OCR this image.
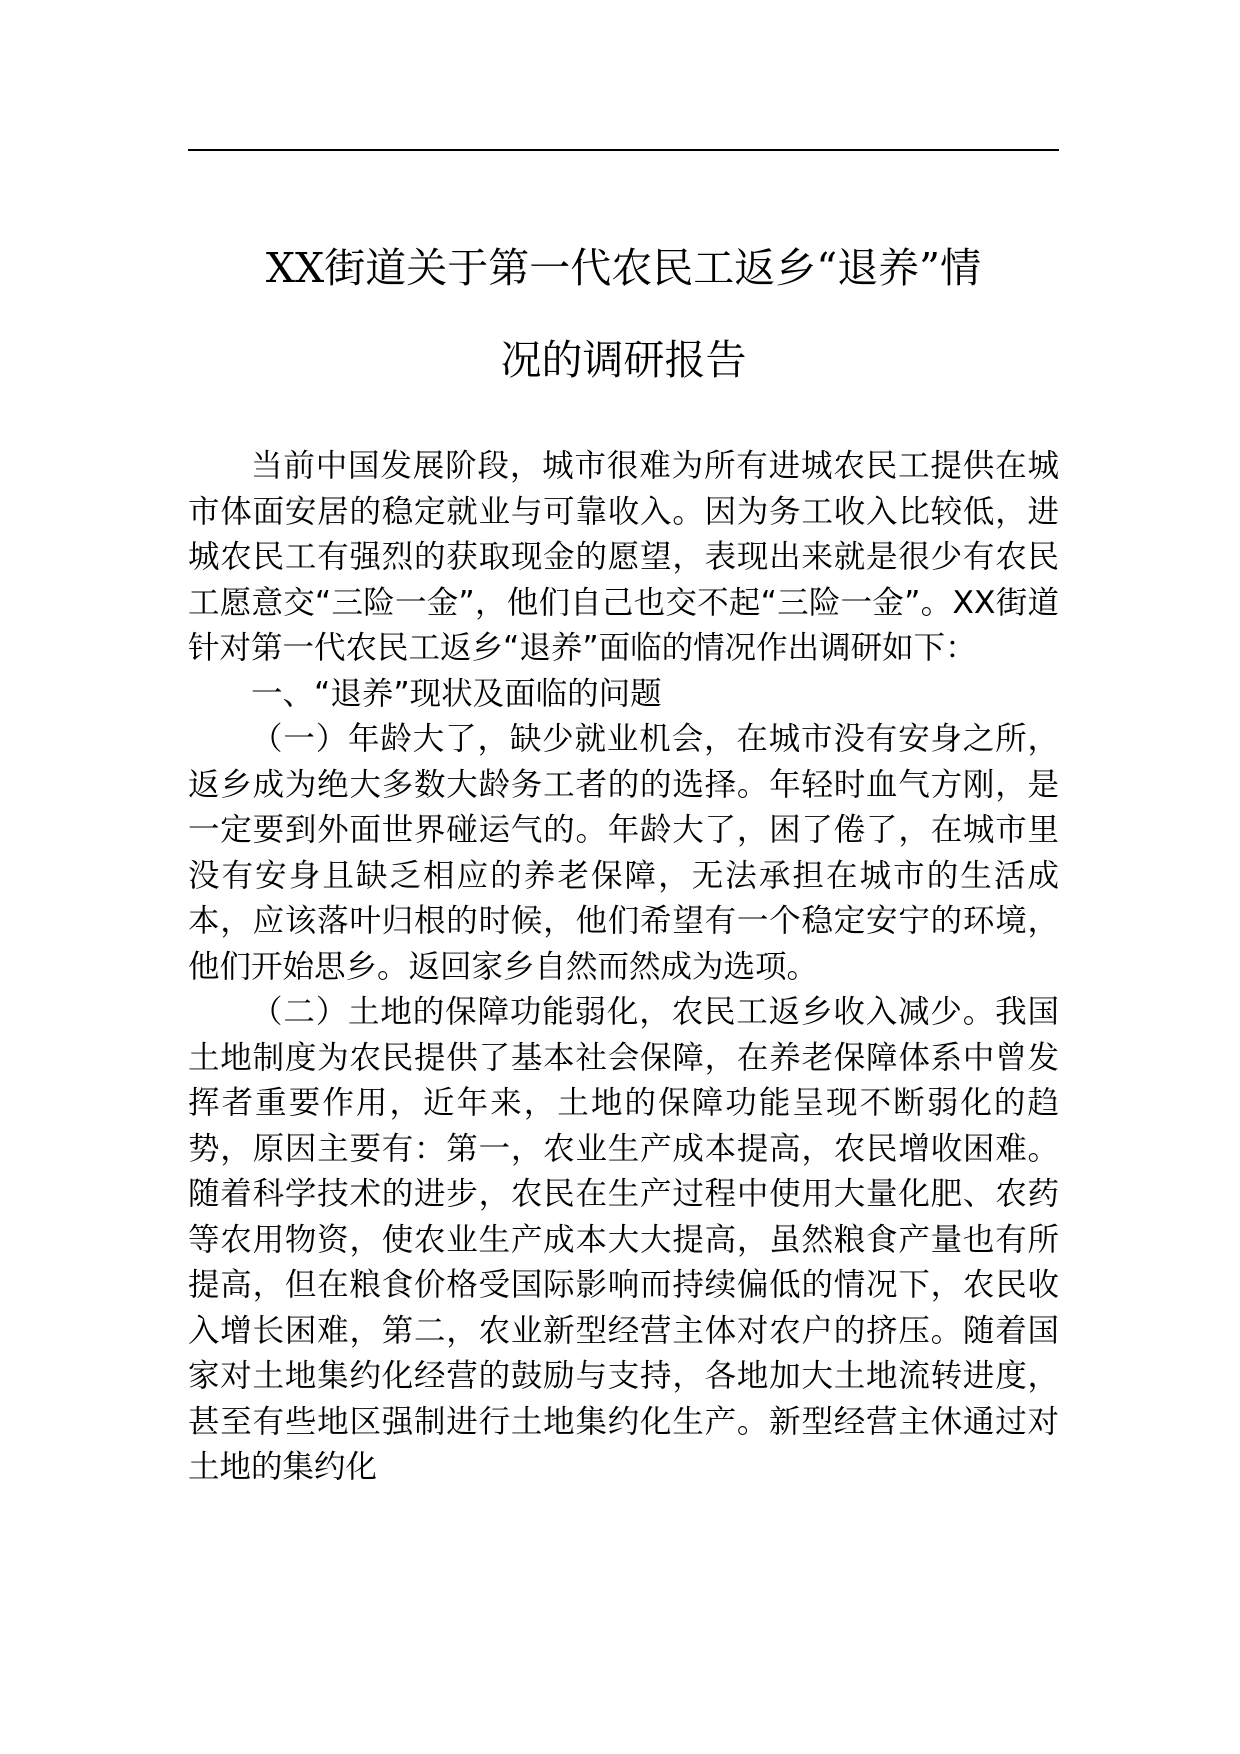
XX街道关于第一代农民工返乡“退养”情
况的调研报告

当前中国发展阶段，城市很难为所有进城农民工提供在城市体面安居的稳定就业与可靠收入。因为务工收入比较低，进城农民工有强烈的获取现金的愿望，表现出来就是很少有农民工愿意交“三险一金”，他们自己也交不起“三险一金”。XX街道针对第一代农民工返乡“退养”面临的情况作出调研如下：

一、“退养”现状及面临的问题

（一）年龄大了，缺少就业机会，在城市没有安身之所，返乡成为绝大多数大龄务工者的的选择。年轻时血气方刚，是一定要到外面世界碰运气的。年龄大了，困了倦了，在城市里没有安身且缺乏相应的养老保障，无法承担在城市的生活成本，应该落叶归根的时候，他们希望有一个稳定安宁的环境，他们开始思乡。返回家乡自然而然成为选项。

（二）土地的保障功能弱化，农民工返乡收入减少。我国土地制度为农民提供了基本社会保障，在养老保障体系中曾发挥者重要作用，近年来，土地的保障功能呈现不断弱化的趋势，原因主要有：第一，农业生产成本提高，农民增收困难。随着科学技术的进步，农民在生产过程中使用大量化肥、农药等农用物资，使农业生产成本大大提高，虽然粮食产量也有所提高，但在粮食价格受国际影响而持续偏低的情况下，农民收入增长困难，第二，农业新型经营主体对农户的挤压。随着国家对土地集约化经营的鼓励与支持，各地加大土地流转进度，甚至有些地区强制进行土地集约化生产。新型经营主休通过对土地的集约化
